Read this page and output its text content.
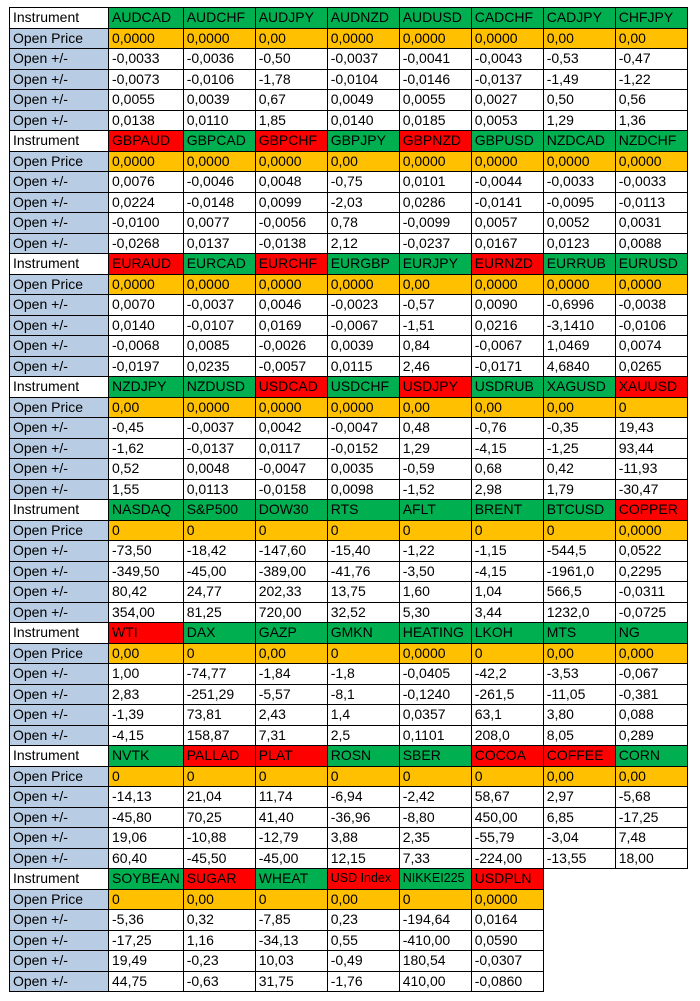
Instrument	AUDCAD	AUDCHF	AUDJPY	AUDNZD	AUDUSD	CADCHF	CADJPY	CHFJPY
Open Price	0,0000	0,0000	0,00	0,0000	0,0000	0,0000	0,00	0,00
Open +/-	-0,0033	-0,0036	-0,50	-0,0037	-0,0041	-0,0043	-0,53	-0,47
Open +/-	-0,0073	-0,0106	-1,78	-0,0104	-0,0146	-0,0137	-1,49	-1,22
Open +/-	0,0055	0,0039	0,67	0,0049	0,0055	0,0027	0,50	0,56
Open +/-	0,0138	0,0110	1,85	0,0140	0,0185	0,0053	1,29	1,36
Instrument	GBPAUD	GBPCAD	GBPCHF	GBPJPY	GBPNZD	GBPUSD	NZDCAD	NZDCHF
Open Price	0,0000	0,0000	0,0000	0,00	0,0000	0,0000	0,0000	0,0000
Open +/-	0,0076	-0,0046	0,0048	-0,75	0,0101	-0,0044	-0,0033	-0,0033
Open +/-	0,0224	-0,0148	0,0099	-2,03	0,0286	-0,0141	-0,0095	-0,0113
Open +/-	-0,0100	0,0077	-0,0056	0,78	-0,0099	0,0057	0,0052	0,0031
Open +/-	-0,0268	0,0137	-0,0138	2,12	-0,0237	0,0167	0,0123	0,0088
Instrument	EURAUD	EURCAD	EURCHF	EURGBP	EURJPY	EURNZD	EURRUB	EURUSD
Open Price	0,0000	0,0000	0,0000	0,0000	0,00	0,0000	0,0000	0,0000
Open +/-	0,0070	-0,0037	0,0046	-0,0023	-0,57	0,0090	-0,6996	-0,0038
Open +/-	0,0140	-0,0107	0,0169	-0,0067	-1,51	0,0216	-3,1410	-0,0106
Open +/-	-0,0068	0,0085	-0,0026	0,0039	0,84	-0,0067	1,0469	0,0074
Open +/-	-0,0197	0,0235	-0,0057	0,0115	2,46	-0,0171	4,6840	0,0265
Instrument	NZDJPY	NZDUSD	USDCAD	USDCHF	USDJPY	USDRUB	XAGUSD	XAUUSD
Open Price	0,00	0,0000	0,0000	0,0000	0,00	0,00	0,00	0
Open +/-	-0,45	-0,0037	0,0042	-0,0047	0,48	-0,76	-0,35	19,43
Open +/-	-1,62	-0,0137	0,0117	-0,0152	1,29	-4,15	-1,25	93,44
Open +/-	0,52	0,0048	-0,0047	0,0035	-0,59	0,68	0,42	-11,93
Open +/-	1,55	0,0113	-0,0158	0,0098	-1,52	2,98	1,79	-30,47
Instrument	NASDAQ	S&P500	DOW30	RTS	AFLT	BRENT	BTCUSD	COPPER
Open Price	0	0	0	0	0	0	0	0,0000
Open +/-	-73,50	-18,42	-147,60	-15,40	-1,22	-1,15	-544,5	0,0522
Open +/-	-349,50	-45,00	-389,00	-41,76	-3,50	-4,15	-1961,0	0,2295
Open +/-	80,42	24,77	202,33	13,75	1,60	1,04	566,5	-0,0311
Open +/-	354,00	81,25	720,00	32,52	5,30	3,44	1232,0	-0,0725
Instrument	WTI	DAX	GAZP	GMKN	HEATING	LKOH	MTS	NG
Open Price	0,00	0	0,00	0	0,0000	0	0,00	0,000
Open +/-	1,00	-74,77	-1,84	-1,8	-0,0405	-42,2	-3,53	-0,067
Open +/-	2,83	-251,29	-5,57	-8,1	-0,1240	-261,5	-11,05	-0,381
Open +/-	-1,39	73,81	2,43	1,4	0,0357	63,1	3,80	0,088
Open +/-	-4,15	158,87	7,31	2,5	0,1101	208,0	8,05	0,289
Instrument	NVTK	PALLAD	PLAT	ROSN	SBER	COCOA	COFFEE	CORN
Open Price	0	0	0	0	0	0	0,00	0,00
Open +/-	-14,13	21,04	11,74	-6,94	-2,42	58,67	2,97	-5,68
Open +/-	-45,80	70,25	41,40	-36,96	-8,80	450,00	6,85	-17,25
Open +/-	19,06	-10,88	-12,79	3,88	2,35	-55,79	-3,04	7,48
Open +/-	60,40	-45,50	-45,00	12,15	7,33	-224,00	-13,55	18,00
Instrument	SOYBEAN	SUGAR	WHEAT	USD Index	NIKKEI225	USDPLN		
Open Price	0	0,00	0	0,00	0	0,0000		
Open +/-	-5,36	0,32	-7,85	0,23	-194,64	0,0164		
Open +/-	-17,25	1,16	-34,13	0,55	-410,00	0,0590		
Open +/-	19,49	-0,23	10,03	-0,49	180,54	-0,0307		
Open +/-	44,75	-0,63	31,75	-1,76	410,00	-0,0860		
